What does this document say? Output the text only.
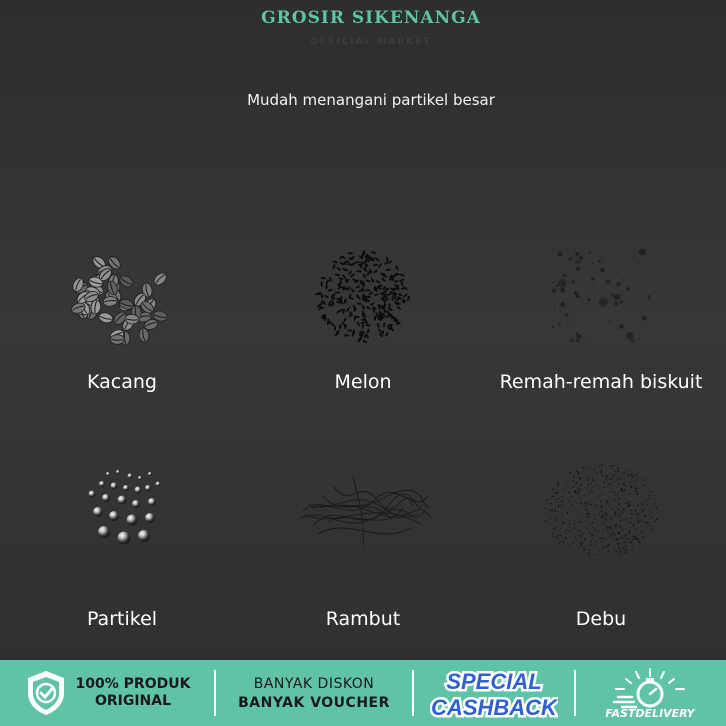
GROSIR SIKENANGA
OFFICIAL MARKET
Mudah menangani partikel besar
Kacang	Melon	Remah-remah biskuit
Partikel	Rambut	Debu
100% PRODUK
ORIGINAL
BANYAK DISKON
BANYAK VOUCHER
SPECIAL
CASHBACK	FASTDELIVERY
